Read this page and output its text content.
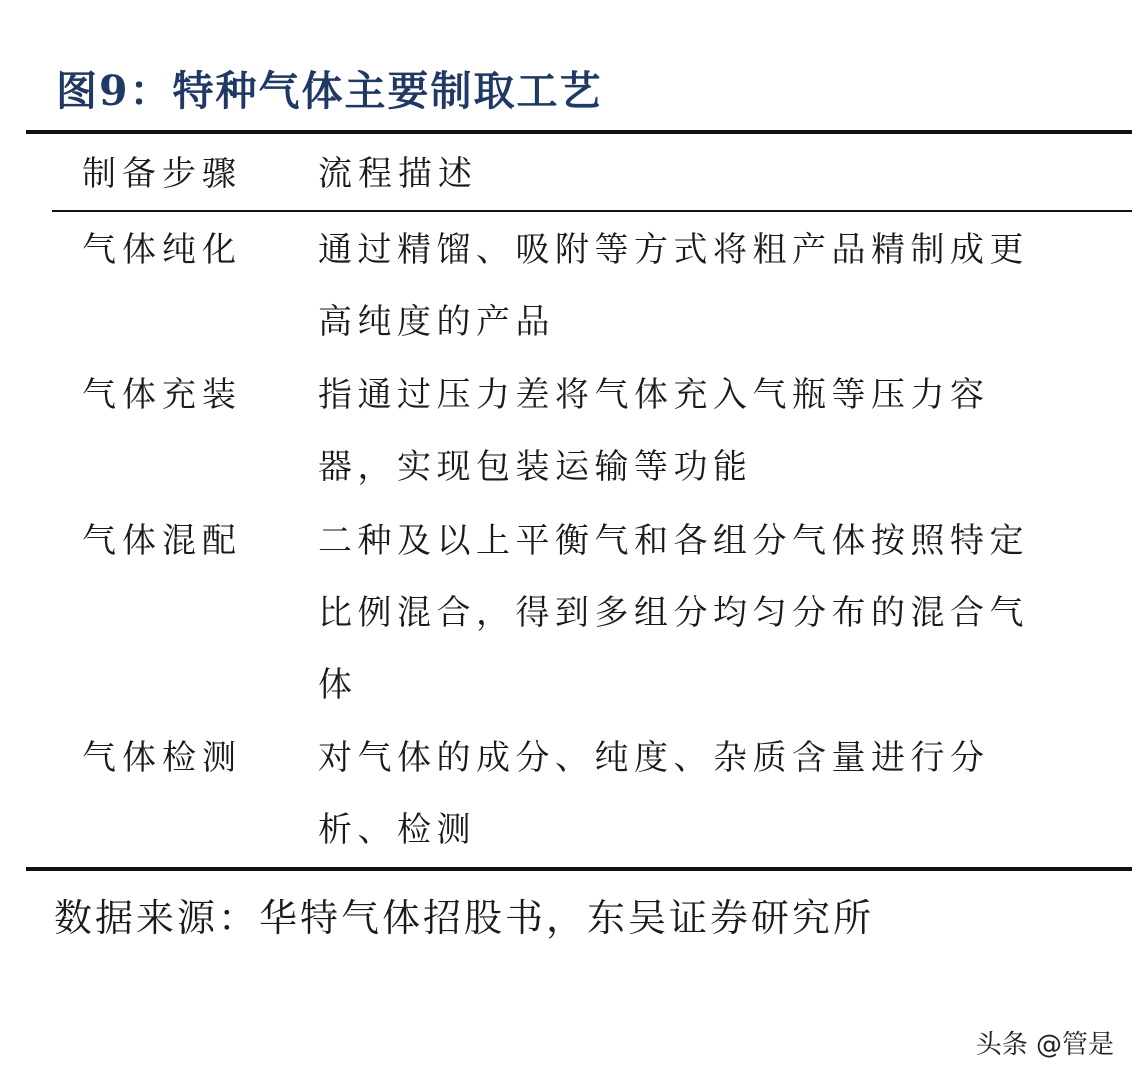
图9：特种气体主要制取工艺
制备步骤 流程描述
气体纯化 通过精馏、吸附等方式将粗产品精制成更
高纯度的产品
气体充装 指通过压力差将气体充入气瓶等压力容
器，实现包装运输等功能
气体混配 二种及以上平衡气和各组分气体按照特定
比例混合，得到多组分均匀分布的混合气
体
气体检测 对气体的成分、纯度、杂质含量进行分
析、检测
数据来源：华特气体招股书，东吴证券研究所
头条 @管是
